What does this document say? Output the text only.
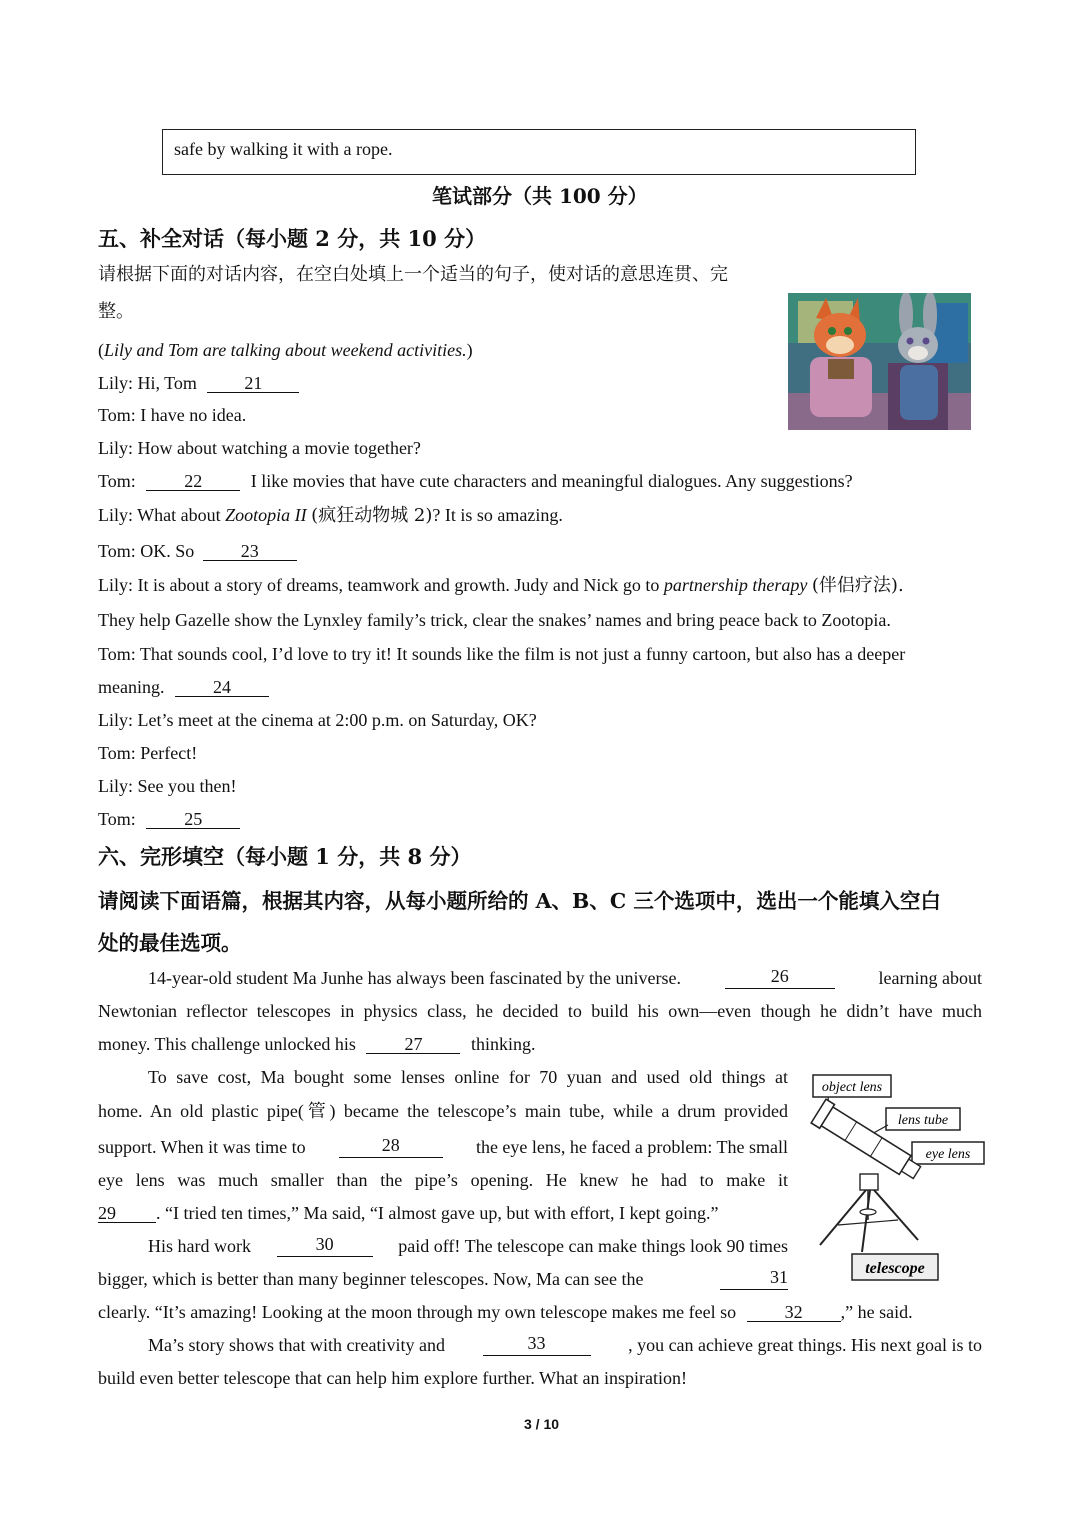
safe by walking it with a rope.
笔试部分（共 100 分）
五、补全对话（每小题 2 分，共 10 分）
请根据下面的对话内容，在空白处填上一个适当的句子，使对话的意思连贯、完
整。
(Lily and Tom are talking about weekend activities.)
Lily: Hi, Tom	21
Tom: I have no idea.
Lily: How about watching a movie together?
Tom:	22	I like movies that have cute characters and meaningful dialogues. Any suggestions?
Lily: What about Zootopia II (疯狂动物城 2)? It is so amazing.
Tom: OK. So	23
Lily: It is about a story of dreams, teamwork and growth. Judy and Nick go to partnership therapy (伴侣疗法).
They help Gazelle show the Lynxley family’s trick, clear the snakes’ names and bring peace back to Zootopia.
Tom: That sounds cool, I’d love to try it! It sounds like the film is not just a funny cartoon, but also has a deeper
meaning.	24
Lily: Let’s meet at the cinema at 2:00 p.m. on Saturday, OK?
Tom: Perfect!
Lily: See you then!
Tom:	25
六、完形填空（每小题 1 分，共 8 分）
请阅读下面语篇，根据其内容，从每小题所给的 A、B、C 三个选项中，选出一个能填入空白
处的最佳选项。
14-year-old student Ma Junhe has always been fascinated by the universe.	26	learning about
Newtonian reflector telescopes in physics class, he decided to build his own—even though he didn’t have much
money. This challenge unlocked his	27	thinking.
To save cost, Ma bought some lenses online for 70 yuan and used old things at
home. An old plastic pipe(管) became the telescope’s main tube, while a drum provided
support. When it was time to	28	the eye lens, he faced a problem: The small
eye lens was much smaller than the pipe’s opening. He knew he had to make it
29 . “I tried ten times,” Ma said, “I almost gave up, but with effort, I kept going.”
His hard work	30	paid off! The telescope can make things look 90 times
bigger, which is better than many beginner telescopes. Now, Ma can see the	31
clearly. “It’s amazing! Looking at the moon through my own telescope makes me feel so	32 ,” he said.
Ma’s story shows that with creativity and	33	, you can achieve great things. His next goal is to
build even better telescope that can help him explore further. What an inspiration!
object lens
lens tube
eye lens
telescope
3 / 10
